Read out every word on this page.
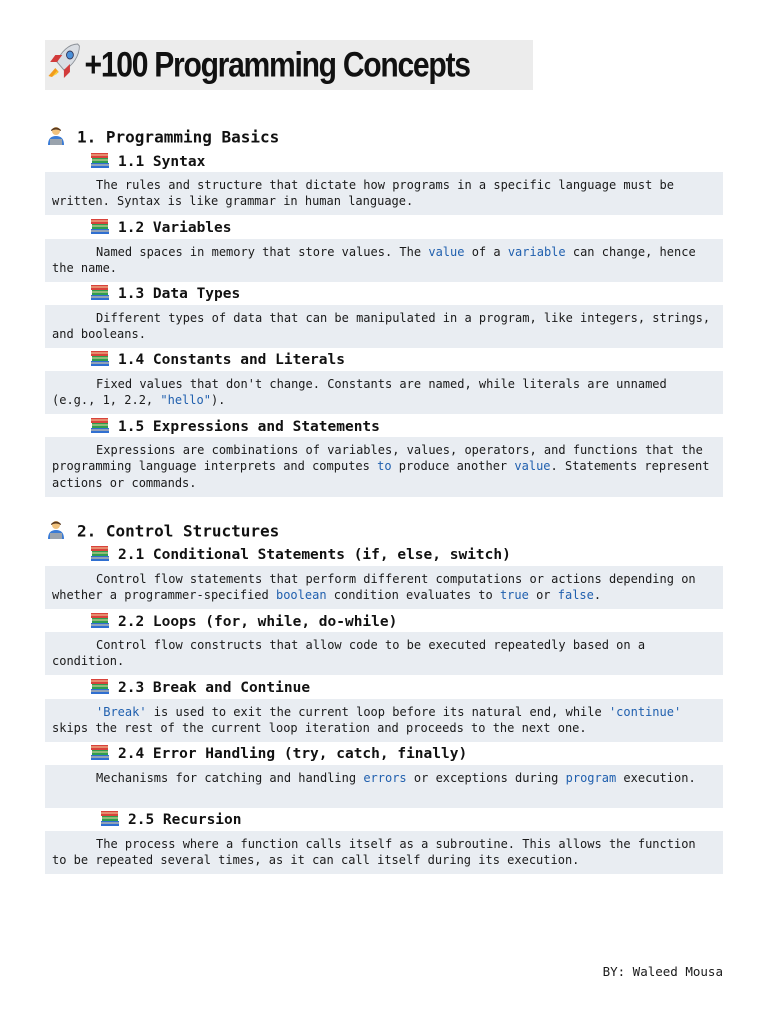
+100 Programming Concepts
1. Programming Basics
1.1 Syntax
The rules and structure that dictate how programs in a specific language must be written. Syntax is like grammar in human language.
1.2 Variables
Named spaces in memory that store values. The value of a variable can change, hence the name.
1.3 Data Types
Different types of data that can be manipulated in a program, like integers, strings, and booleans.
1.4 Constants and Literals
Fixed values that don't change. Constants are named, while literals are unnamed (e.g., 1, 2.2, "hello").
1.5 Expressions and Statements
Expressions are combinations of variables, values, operators, and functions that the programming language interprets and computes to produce another value. Statements represent actions or commands.
2. Control Structures
2.1 Conditional Statements (if, else, switch)
Control flow statements that perform different computations or actions depending on whether a programmer-specified boolean condition evaluates to true or false.
2.2 Loops (for, while, do-while)
Control flow constructs that allow code to be executed repeatedly based on a condition.
2.3 Break and Continue
'Break' is used to exit the current loop before its natural end, while 'continue' skips the rest of the current loop iteration and proceeds to the next one.
2.4 Error Handling (try, catch, finally)
Mechanisms for catching and handling errors or exceptions during program execution.
2.5 Recursion
The process where a function calls itself as a subroutine. This allows the function to be repeated several times, as it can call itself during its execution.
BY: Waleed Mousa
